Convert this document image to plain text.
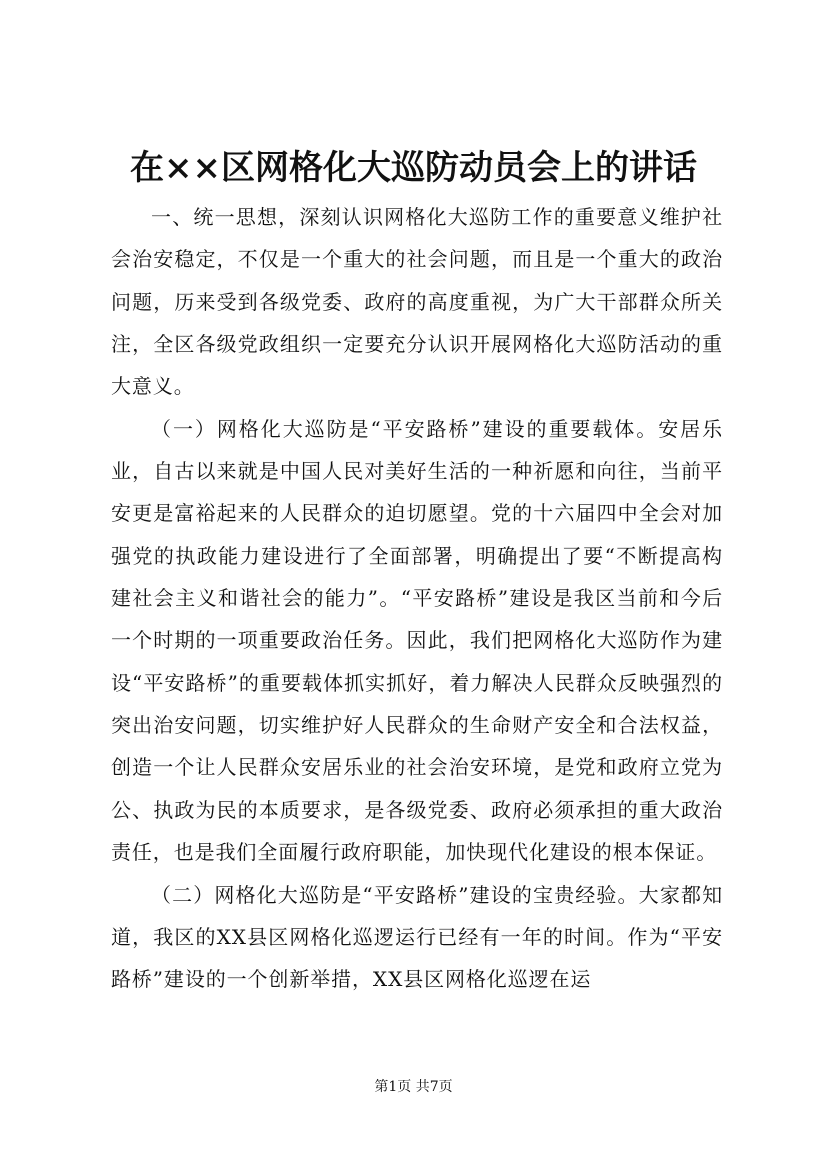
在××区网格化大巡防动员会上的讲话

一、统一思想，深刻认识网格化大巡防工作的重要意义维护社会治安稳定，不仅是一个重大的社会问题，而且是一个重大的政治问题，历来受到各级党委、政府的高度重视，为广大干部群众所关注，全区各级党政组织一定要充分认识开展网格化大巡防活动的重大意义。

（一）网格化大巡防是“平安路桥”建设的重要载体。安居乐业，自古以来就是中国人民对美好生活的一种祈愿和向往，当前平安更是富裕起来的人民群众的迫切愿望。党的十六届四中全会对加强党的执政能力建设进行了全面部署，明确提出了要“不断提高构建社会主义和谐社会的能力”。“平安路桥”建设是我区当前和今后一个时期的一项重要政治任务。因此，我们把网格化大巡防作为建设“平安路桥”的重要载体抓实抓好，着力解决人民群众反映强烈的突出治安问题，切实维护好人民群众的生命财产安全和合法权益，创造一个让人民群众安居乐业的社会治安环境，是党和政府立党为公、执政为民的本质要求，是各级党委、政府必须承担的重大政治责任，也是我们全面履行政府职能，加快现代化建设的根本保证。

（二）网格化大巡防是“平安路桥”建设的宝贵经验。大家都知道，我区的XX县区网格化巡逻运行已经有一年的时间。作为“平安路桥”建设的一个创新举措，XX县区网格化巡逻在运

第1页 共7页
